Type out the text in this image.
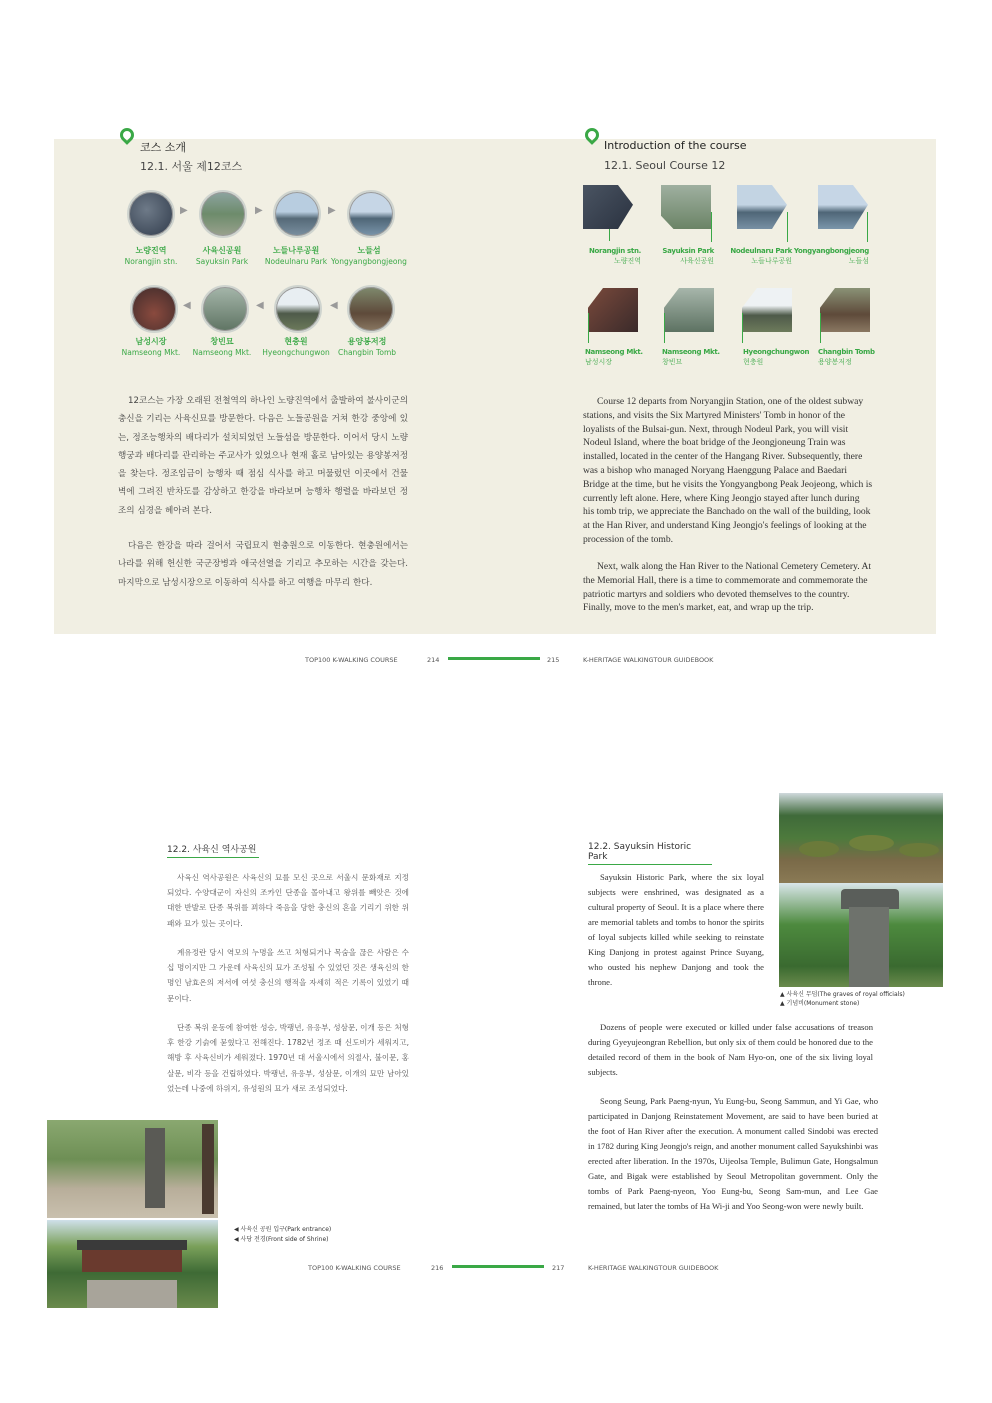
코스 소개
12.1. 서울 제12코스
▶	▶	▶
노량진역
Norangjin stn.
사육신공원
Sayuksin Park
노들나루공원
Nodeulnaru Park
노들섬
Yongyangbongjeong
◀	◀	◀
남성시장
Namseong Mkt.
창빈묘
Namseong Mkt.
현충원
Hyeongchungwon
용양봉저정
Changbin Tomb

12코스는 가장 오래된 전철역의 하나인 노량진역에서 출발하여 불사이군의 충신을 기리는 사육신묘를 방문한다. 다음은 노들공원을 거쳐 한강 중앙에 있는, 정조능행차의 배다리가 설치되었던 노들섬을 방문한다. 이어서 당시 노량행궁과 배다리를 관리하는 주교사가 있었으나 현재 홀로 남아있는 용양봉저정을 찾는다. 정조임금이 능행차 때 점심 식사를 하고 머물렀던 이곳에서 건물 벽에 그려진 반차도를 감상하고 한강을 바라보며 능행차 행렬을 바라보던 정조의 심경을 헤아려 본다.

다음은 한강을 따라 걸어서 국립묘지 현충원으로 이동한다. 현충원에서는 나라를 위해 헌신한 국군장병과 애국선열을 기리고 추모하는 시간을 갖는다. 마지막으로 남성시장으로 이동하여 식사를 하고 여행을 마무리 한다.

Introduction of the course
12.1. Seoul Course 12
Norangjin stn.
노량진역
Sayuksin Park
사육신공원
Nodeulnaru Park
노들나루공원
Yongyangbongjeong
노들섬
Namseong Mkt.
남성시장
Namseong Mkt.
창빈묘
Hyeongchungwon
현충원
Changbin Tomb
용양봉저정

Course 12 departs from Noryangjin Station, one of the oldest subway stations, and visits the Six Martyred Ministers' Tomb in honor of the loyalists of the Bulsai-gun. Next, through Nodeul Park, you will visit Nodeul Island, where the boat bridge of the Jeongjoneung Train was installed, located in the center of the Hangang River. Subsequently, there was a bishop who managed Noryang Haenggung Palace and Baedari Bridge at the time, but he visits the Yongyangbong Peak Jeojeong, which is currently left alone. Here, where King Jeongjo stayed after lunch during his tomb trip, we appreciate the Banchado on the wall of the building, look at the Han River, and understand King Jeongjo's feelings of looking at the procession of the tomb.

Next, walk along the Han River to the National Cemetery Cemetery. At the Memorial Hall, there is a time to commemorate and commemorate the patriotic martyrs and soldiers who devoted themselves to the country. Finally, move to the men's market, eat, and wrap up the trip.

TOP100 K-WALKING COURSE	214	215	K-HERITAGE WALKINGTOUR GUIDEBOOK
12.2. 사육신 역사공원

사육신 역사공원은 사육신의 묘를 모신 곳으로 서울시 문화재로 지정되었다. 수양대군이 자신의 조카인 단종을 몰아내고 왕위를 빼앗은 것에 대한 반발로 단종 복위를 꾀하다 죽음을 당한 충신의 혼을 기리기 위한 위패와 묘가 있는 곳이다.

계유정란 당시 역모의 누명을 쓰고 처형되거나 목숨을 끊은 사람은 수십 명이지만 그 가운데 사육신의 묘가 조성될 수 있었던 것은 생육신의 한 명인 남효온의 저서에 여섯 충신의 행적을 자세히 적은 기록이 있었기 때문이다.

단종 복위 운동에 참여한 성승, 박팽년, 유응부, 성삼문, 이개 등은 처형 후 한강 기슭에 묻혔다고 전해진다. 1782년 정조 때 신도비가 세워지고, 해방 후 사육신비가 세워졌다. 1970년 대 서울시에서 의절사, 불이문, 홍살문, 비각 등을 건립하였다. 박팽년, 유응부, 성삼문, 이개의 묘만 남아있었는데 나중에 하위지, 유성원의 묘가 새로 조성되었다.

◀ 사육신 공원 입구(Park entrance)
◀ 사당 전경(Front side of Shrine)
12.2. Sayuksin Historic Park

Sayuksin Historic Park, where the six loyal subjects were enshrined, was designated as a cultural property of Seoul. It is a place where there are memorial tablets and tombs to honor the spirits of loyal subjects killed while seeking to reinstate King Danjong in protest against Prince Suyang, who ousted his nephew Danjong and took the throne.

Dozens of people were executed or killed under false accusations of treason during Gyeyujeongran Rebellion, but only six of them could be honored due to the detailed record of them in the book of Nam Hyo-on, one of the six living loyal subjects.

Seong Seung, Park Paeng-nyun, Yu Eung-bu, Seong Sammun, and Yi Gae, who participated in Danjong Reinstatement Movement, are said to have been buried at the foot of Han River after the execution. A monument called Sindobi was erected in 1782 during King Jeongjo's reign, and another monument called Sayukshinbi was erected after liberation. In the 1970s, Uijeolsa Temple, Bulimun Gate, Hongsalmun Gate, and Bigak were established by Seoul Metropolitan government. Only the tombs of Park Paeng-nyeon, Yoo Eung-bu, Seong Sam-mun, and Lee Gae remained, but later the tombs of Ha Wi-ji and Yoo Seong-won were newly built.

▲ 사육신 무덤(The graves of royal officials)
▲ 기념비(Monument stone)
TOP100 K-WALKING COURSE	216	217	K-HERITAGE WALKINGTOUR GUIDEBOOK
